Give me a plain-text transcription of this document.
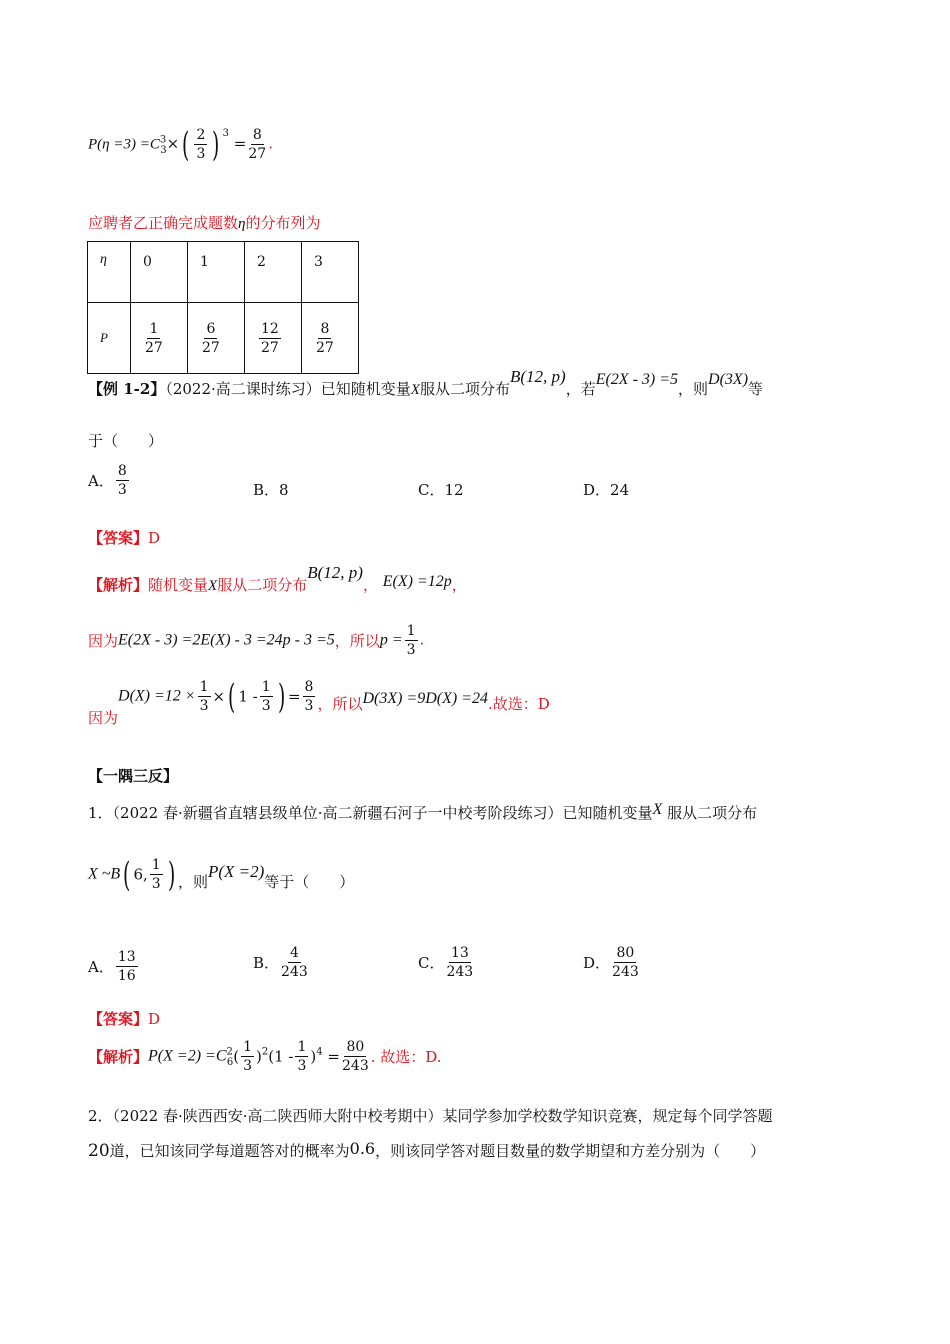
$P(\eta =3) =C^3_3\times( \frac{2}{3}$ ) $^3 = \frac{8}{27}$ .
应聘者乙正确完成题数η的分布列为
η	0	1	2	3
P	$\frac{1}{27}$	$\frac{6}{27}$	$\frac{12}{27}$	$\frac{8}{27}$
【例 1-2】（2022·高二课时练习）已知随机变量X服从二项分布B(12, p)，若E(2X - 3) =5，则D(3X)等
于（　　）
A． $\frac{8}{3}$	B．8	C．12	D．24
【答案】D
【解析】随机变量X服从二项分布B(12, p)， E(X) =12p，
因为E(2X - 3) =2E(X) - 3 =24p - 3 =5，所以$p = \frac{1}{3}$ .
因为$D(X) =12 \times \frac{1}{3}$ ×( $1 - \frac{1}{3}$ ) = $\frac{8}{3}$ ，所以D(3X) =9D(X) =24.故选：D
【一隅三反】
1．（2022 春·新疆省直辖县级单位·高二新疆石河子一中校考阶段练习）已知随机变量X 服从二项分布
X ~B( 6, $\frac{1}{3}$ ) ，则P(X =2)等于（　　）
A． $\frac{13}{16}$	B． $\frac{4}{243}$	C． $\frac{13}{243}$	D． $\frac{80}{243}$
【答案】D
【解析】$P(X =2) =C^2_6( \frac{1}{3} )^2(1 - \frac{1}{3} )^4 = \frac{80}{243}$ . 故选：D.
2．（2022 春·陕西西安·高二陕西师大附中校考期中）某同学参加学校数学知识竞赛，规定每个同学答题
20道，已知该同学每道题答对的概率为0.6，则该同学答对题目数量的数学期望和方差分别为（　　）
